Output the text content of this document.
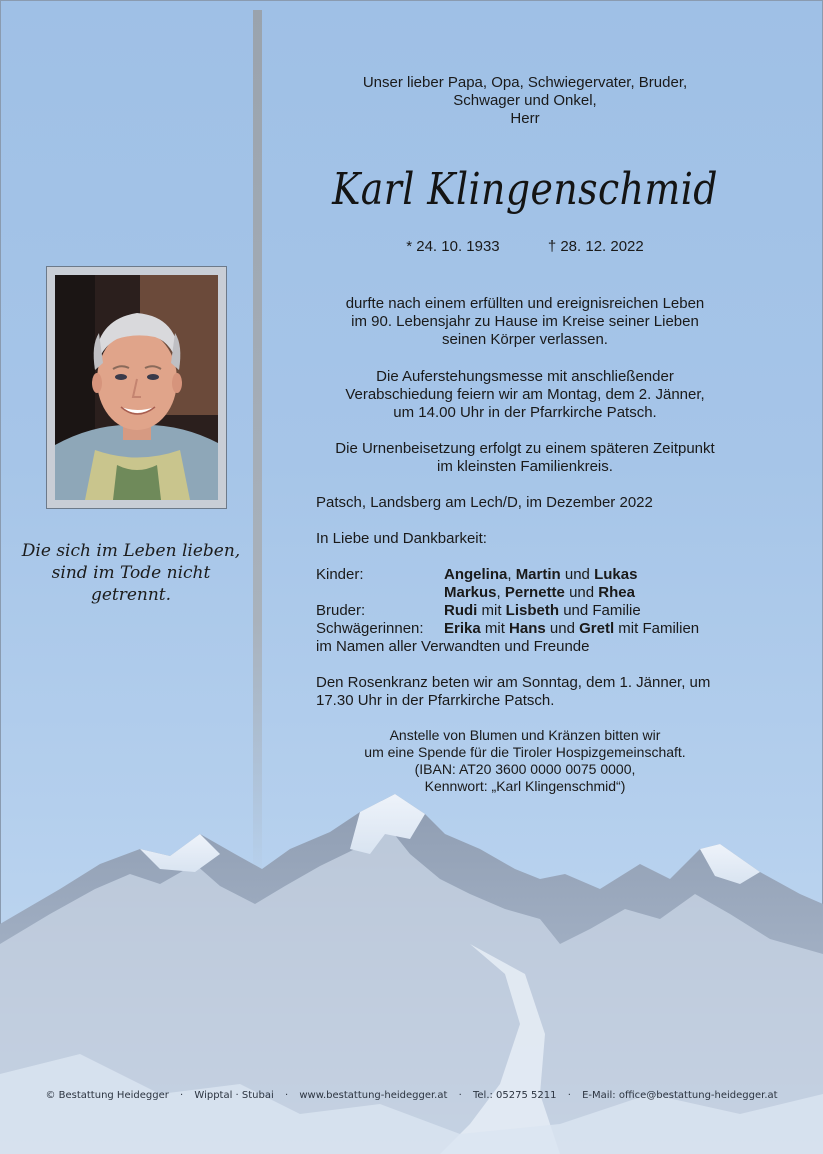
Unser lieber Papa, Opa, Schwiegervater, Bruder,
Schwager und Onkel,
Herr
Karl Klingenschmid
* 24. 10. 1933	† 28. 12. 2022
durfte nach einem erfüllten und ereignisreichen Leben
im 90. Lebensjahr zu Hause im Kreise seiner Lieben
seinen Körper verlassen.
Die Auferstehungsmesse mit anschließender
Verabschiedung feiern wir am Montag, dem 2. Jänner,
um 14.00 Uhr in der Pfarrkirche Patsch.
Die Urnenbeisetzung erfolgt zu einem späteren Zeitpunkt
im kleinsten Familienkreis.
Patsch, Landsberg am Lech/D, im Dezember 2022
In Liebe und Dankbarkeit:
Kinder:	Angelina, Martin und Lukas
Markus, Pernette und Rhea
Bruder:	Rudi mit Lisbeth und Familie
Schwägerinnen:	Erika mit Hans und Gretl mit Familien
im Namen aller Verwandten und Freunde
Den Rosenkranz beten wir am Sonntag, dem 1. Jänner, um
17.30 Uhr in der Pfarrkirche Patsch.
Anstelle von Blumen und Kränzen bitten wir
um eine Spende für die Tiroler Hospizgemeinschaft.
(IBAN: AT20 3600 0000 0075 0000,
Kennwort: „Karl Klingenschmid“)
Die sich im Leben lieben,
sind im Tode nicht getrennt.
© Bestattung Heidegger · Wipptal · Stubai · www.bestattung-heidegger.at · Tel.: 05275 5211 · E-Mail: office@bestattung-heidegger.at
